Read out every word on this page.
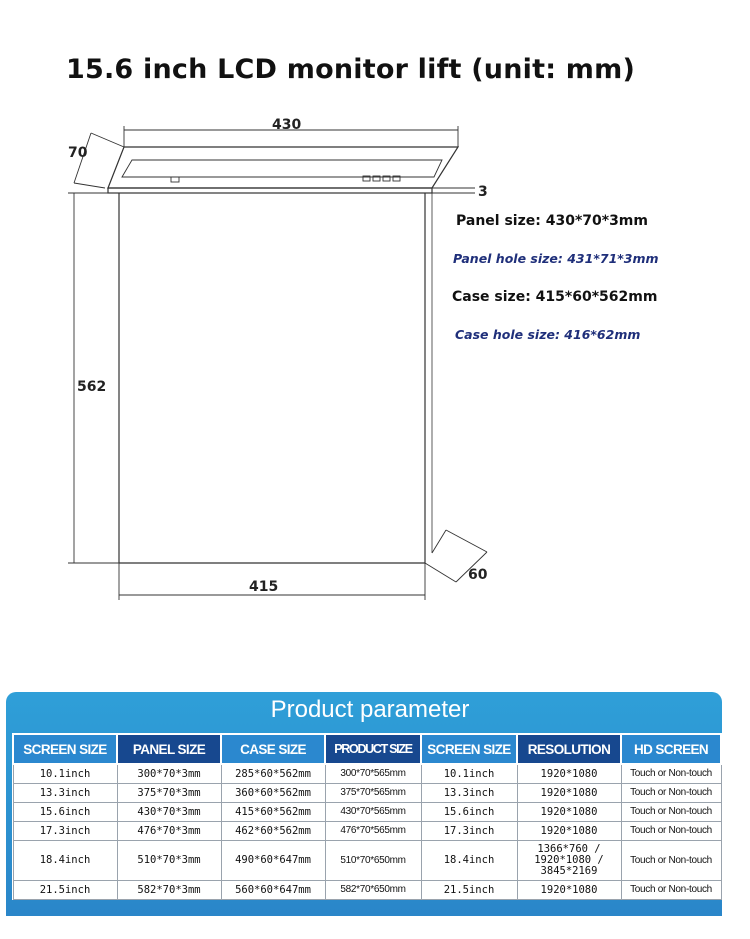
15.6 inch LCD monitor lift (unit: mm)
430
70
3
562
415
60
Panel size: 430*70*3mm
Panel hole size: 431*71*3mm
Case size: 415*60*562mm
Case hole size: 416*62mm
Product parameter
SCREEN SIZE	PANEL SIZE	CASE SIZE	PRODUCT SIZE	SCREEN SIZE	RESOLUTION	HD SCREEN
10.1inch	300*70*3mm	285*60*562mm	300*70*565mm	10.1inch	1920*1080	Touch or Non-touch
13.3inch	375*70*3mm	360*60*562mm	375*70*565mm	13.3inch	1920*1080	Touch or Non-touch
15.6inch	430*70*3mm	415*60*562mm	430*70*565mm	15.6inch	1920*1080	Touch or Non-touch
17.3inch	476*70*3mm	462*60*562mm	476*70*565mm	17.3inch	1920*1080	Touch or Non-touch
18.4inch	510*70*3mm	490*60*647mm	510*70*650mm	18.4inch	1366*760 / 1920*1080 / 3845*2169	Touch or Non-touch
21.5inch	582*70*3mm	560*60*647mm	582*70*650mm	21.5inch	1920*1080	Touch or Non-touch
